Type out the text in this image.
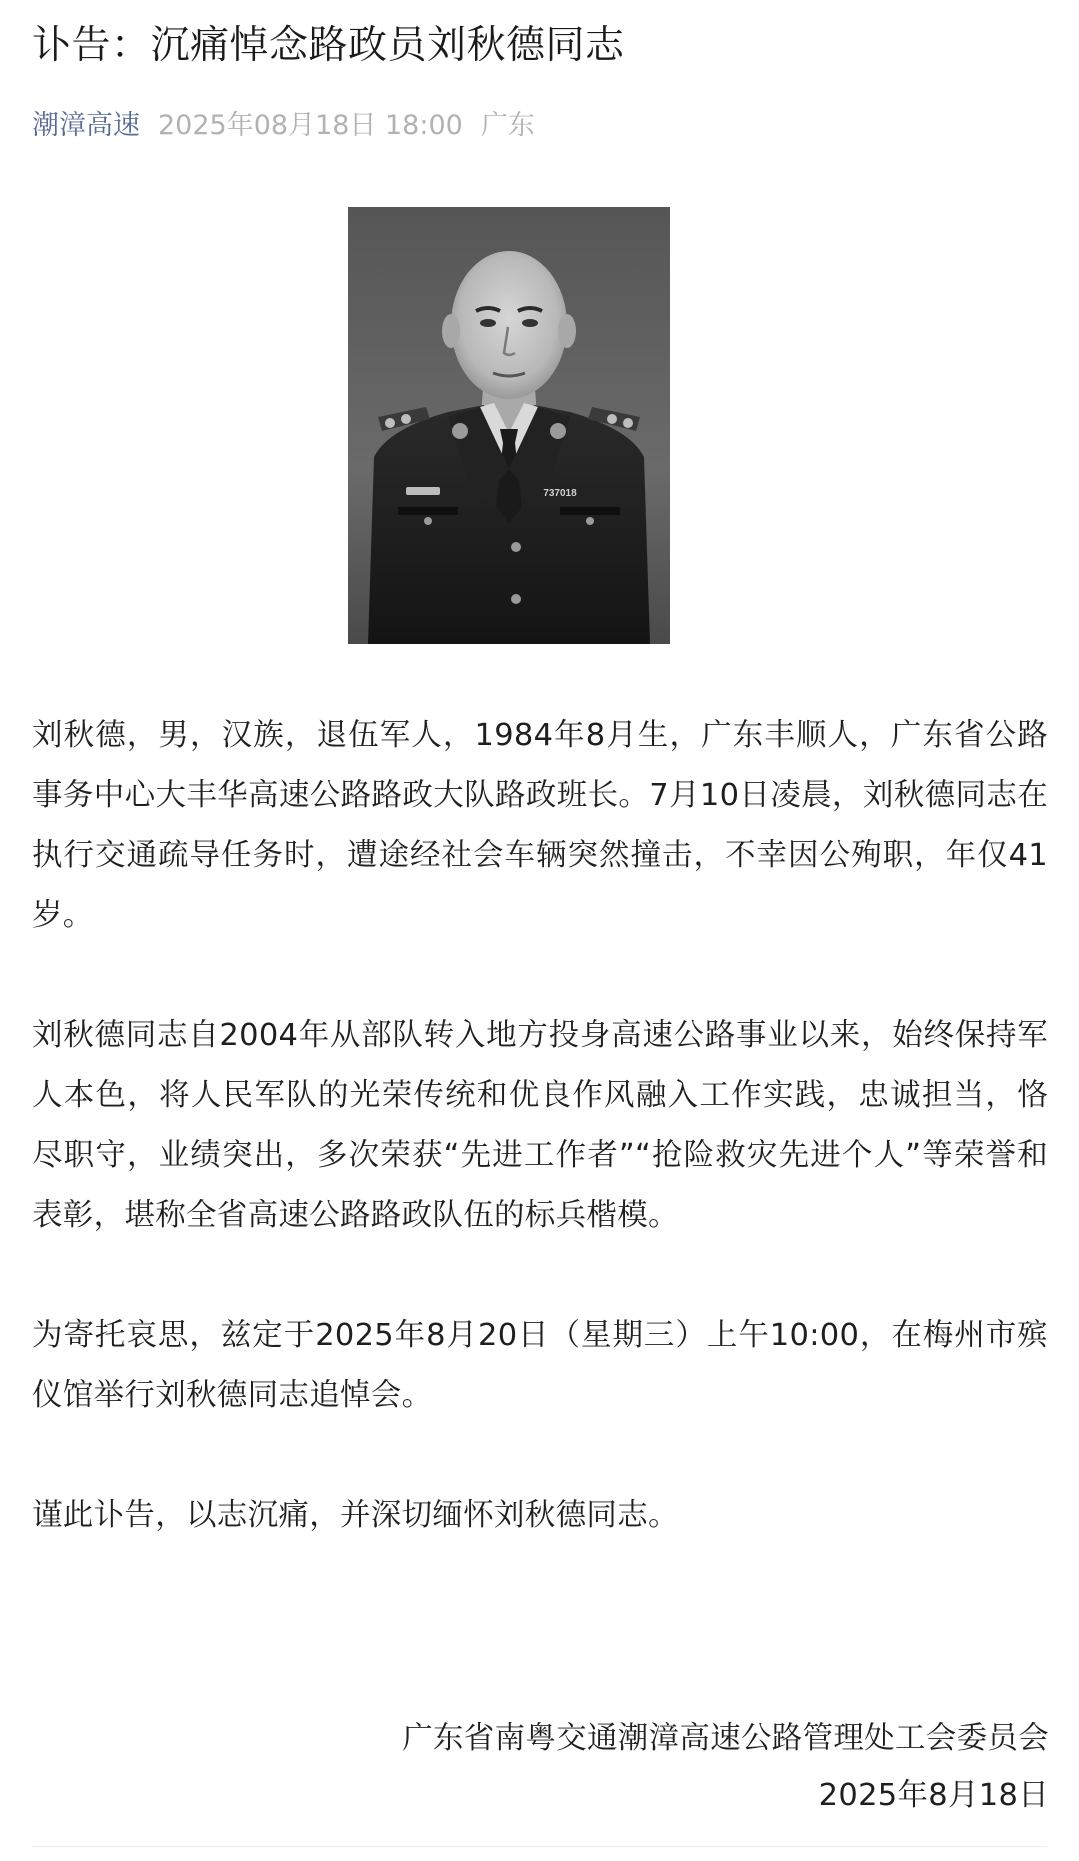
讣告：沉痛悼念路政员刘秋德同志
潮漳高速 2025年08月18日 18:00 广东
737018

刘秋德，男，汉族，退伍军人，1984年8月生，广东丰顺人，广东省公路事务中心大丰华高速公路路政大队路政班长。7月10日凌晨，刘秋德同志在执行交通疏导任务时，遭途经社会车辆突然撞击，不幸因公殉职，年仅41岁。

刘秋德同志自2004年从部队转入地方投身高速公路事业以来，始终保持军人本色，将人民军队的光荣传统和优良作风融入工作实践，忠诚担当，恪尽职守，业绩突出，多次荣获“先进工作者”“抢险救灾先进个人”等荣誉和表彰，堪称全省高速公路路政队伍的标兵楷模。

为寄托哀思，兹定于2025年8月20日（星期三）上午10:00，在梅州市殡仪馆举行刘秋德同志追悼会。

谨此讣告，以志沉痛，并深切缅怀刘秋德同志。

广东省南粤交通潮漳高速公路管理处工会委员会
2025年8月18日
